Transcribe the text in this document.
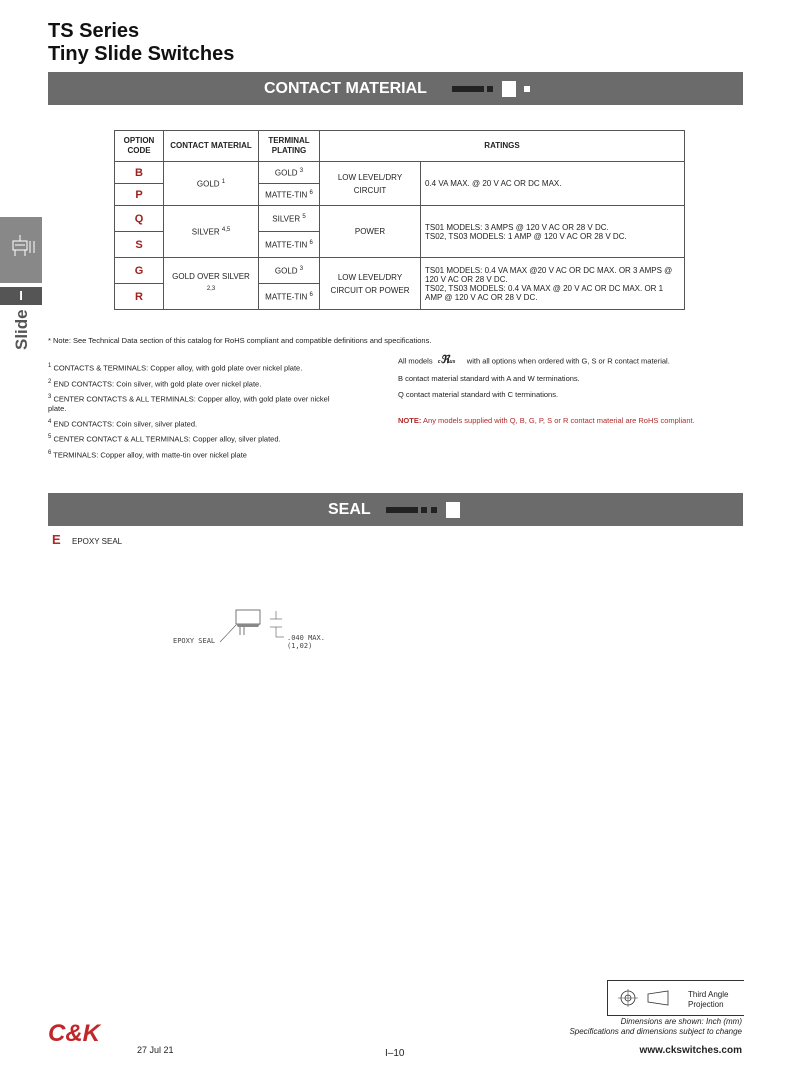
TS Series
Tiny Slide Switches
CONTACT MATERIAL
I
Slide
OPTION CODE	CONTACT MATERIAL	TERMINAL PLATING	RATINGS	
B	GOLD $^1$	GOLD $^3$	LOW LEVEL/DRY CIRCUIT	0.4 VA MAX. @ 20 V AC OR DC MAX.
P		MATTE-TIN $^6$
Q	SILVER $^{4,5}$	SILVER $^5$	POWER	TS01 MODELS: 3 AMPS @ 120 V AC OR 28 V DC.
TS02, TS03 MODELS: 1 AMP @ 120 V AC OR 28 V DC.
S		MATTE-TIN $^6$
G	GOLD OVER SILVER $^{2,3}$	GOLD $^3$	LOW LEVEL/DRY CIRCUIT OR POWER	TS01 MODELS: 0.4 VA MAX @20 V AC OR DC MAX. OR 3 AMPS @ 120 V AC OR 28 V DC.
TS02, TS03 MODELS: 0.4 VA MAX @ 20 V AC OR DC MAX. OR 1 AMP @ 120 V AC OR 28 V DC.
R		MATTE-TIN $^6$
* Note: See Technical Data section of this catalog for RoHS compliant and compatible definitions and specifications.
$^1$ CONTACTS & TERMINALS: Copper alloy, with gold plate over nickel plate.
$^2$ END CONTACTS: Coin silver, with gold plate over nickel plate.
$^3$ CENTER CONTACTS & ALL TERMINALS: Copper alloy, with gold plate over nickel plate.
$^4$ END CONTACTS: Coin silver, silver plated.
$^5$ CENTER CONTACT & ALL TERMINALS: Copper alloy, silver plated.
$^6$ TERMINALS: Copper alloy, with matte-tin over nickel plate
All models cℜus with all options when ordered with G, S or R contact material.
B contact material standard with A and W terminations.
Q contact material standard with C terminations.
NOTE: Any models supplied with Q, B, G, P, S or R contact material are RoHS compliant.
SEAL
E EPOXY SEAL
EPOXY SEAL	.040 MAX.
(1,02)
Third Angle
Projection
Dimensions are shown: Inch (mm)
Specifications and dimensions subject to change
C&K
27 Jul 21	I–10	www.ckswitches.com
